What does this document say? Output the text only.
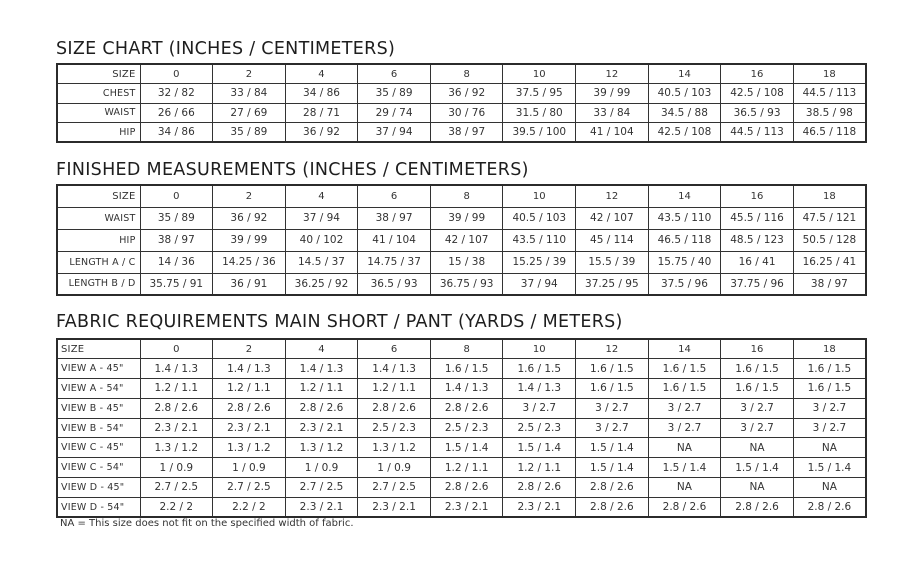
SIZE CHART (INCHES / CENTIMETERS)
SIZE	0	2	4	6	8	10	12	14	16	18
CHEST	32 / 82	33 / 84	34 / 86	35 / 89	36 / 92	37.5 / 95	39 / 99	40.5 / 103	42.5 / 108	44.5 / 113
WAIST	26 / 66	27 / 69	28 / 71	29 / 74	30 / 76	31.5 / 80	33 / 84	34.5 / 88	36.5 / 93	38.5 / 98
HIP	34 / 86	35 / 89	36 / 92	37 / 94	38 / 97	39.5 / 100	41 / 104	42.5 / 108	44.5 / 113	46.5 / 118
FINISHED MEASUREMENTS (INCHES / CENTIMETERS)
SIZE	0	2	4	6	8	10	12	14	16	18
WAIST	35 / 89	36 / 92	37 / 94	38 / 97	39 / 99	40.5 / 103	42 / 107	43.5 / 110	45.5 / 116	47.5 / 121
HIP	38 / 97	39 / 99	40 / 102	41 / 104	42 / 107	43.5 / 110	45 / 114	46.5 / 118	48.5 / 123	50.5 / 128
LENGTH A / C	14 / 36	14.25 / 36	14.5 / 37	14.75 / 37	15 / 38	15.25 / 39	15.5 / 39	15.75 / 40	16 / 41	16.25 / 41
LENGTH B / D	35.75 / 91	36 / 91	36.25 / 92	36.5 / 93	36.75 / 93	37 / 94	37.25 / 95	37.5 / 96	37.75 / 96	38 / 97
FABRIC REQUIREMENTS MAIN SHORT / PANT (YARDS / METERS)
SIZE	0	2	4	6	8	10	12	14	16	18
VIEW A - 45"	1.4 / 1.3	1.4 / 1.3	1.4 / 1.3	1.4 / 1.3	1.6 / 1.5	1.6 / 1.5	1.6 / 1.5	1.6 / 1.5	1.6 / 1.5	1.6 / 1.5
VIEW A - 54"	1.2 / 1.1	1.2 / 1.1	1.2 / 1.1	1.2 / 1.1	1.4 / 1.3	1.4 / 1.3	1.6 / 1.5	1.6 / 1.5	1.6 / 1.5	1.6 / 1.5
VIEW B - 45"	2.8 / 2.6	2.8 / 2.6	2.8 / 2.6	2.8 / 2.6	2.8 / 2.6	3 / 2.7	3 / 2.7	3 / 2.7	3 / 2.7	3 / 2.7
VIEW B - 54"	2.3 / 2.1	2.3 / 2.1	2.3 / 2.1	2.5 / 2.3	2.5 / 2.3	2.5 / 2.3	3 / 2.7	3 / 2.7	3 / 2.7	3 / 2.7
VIEW C - 45"	1.3 / 1.2	1.3 / 1.2	1.3 / 1.2	1.3 / 1.2	1.5 / 1.4	1.5 / 1.4	1.5 / 1.4	NA	NA	NA
VIEW C - 54"	1 / 0.9	1 / 0.9	1 / 0.9	1 / 0.9	1.2 / 1.1	1.2 / 1.1	1.5 / 1.4	1.5 / 1.4	1.5 / 1.4	1.5 / 1.4
VIEW D - 45"	2.7 / 2.5	2.7 / 2.5	2.7 / 2.5	2.7 / 2.5	2.8 / 2.6	2.8 / 2.6	2.8 / 2.6	NA	NA	NA
VIEW D - 54"	2.2 / 2	2.2 / 2	2.3 / 2.1	2.3 / 2.1	2.3 / 2.1	2.3 / 2.1	2.8 / 2.6	2.8 / 2.6	2.8 / 2.6	2.8 / 2.6
NA = This size does not fit on the specified width of fabric.
